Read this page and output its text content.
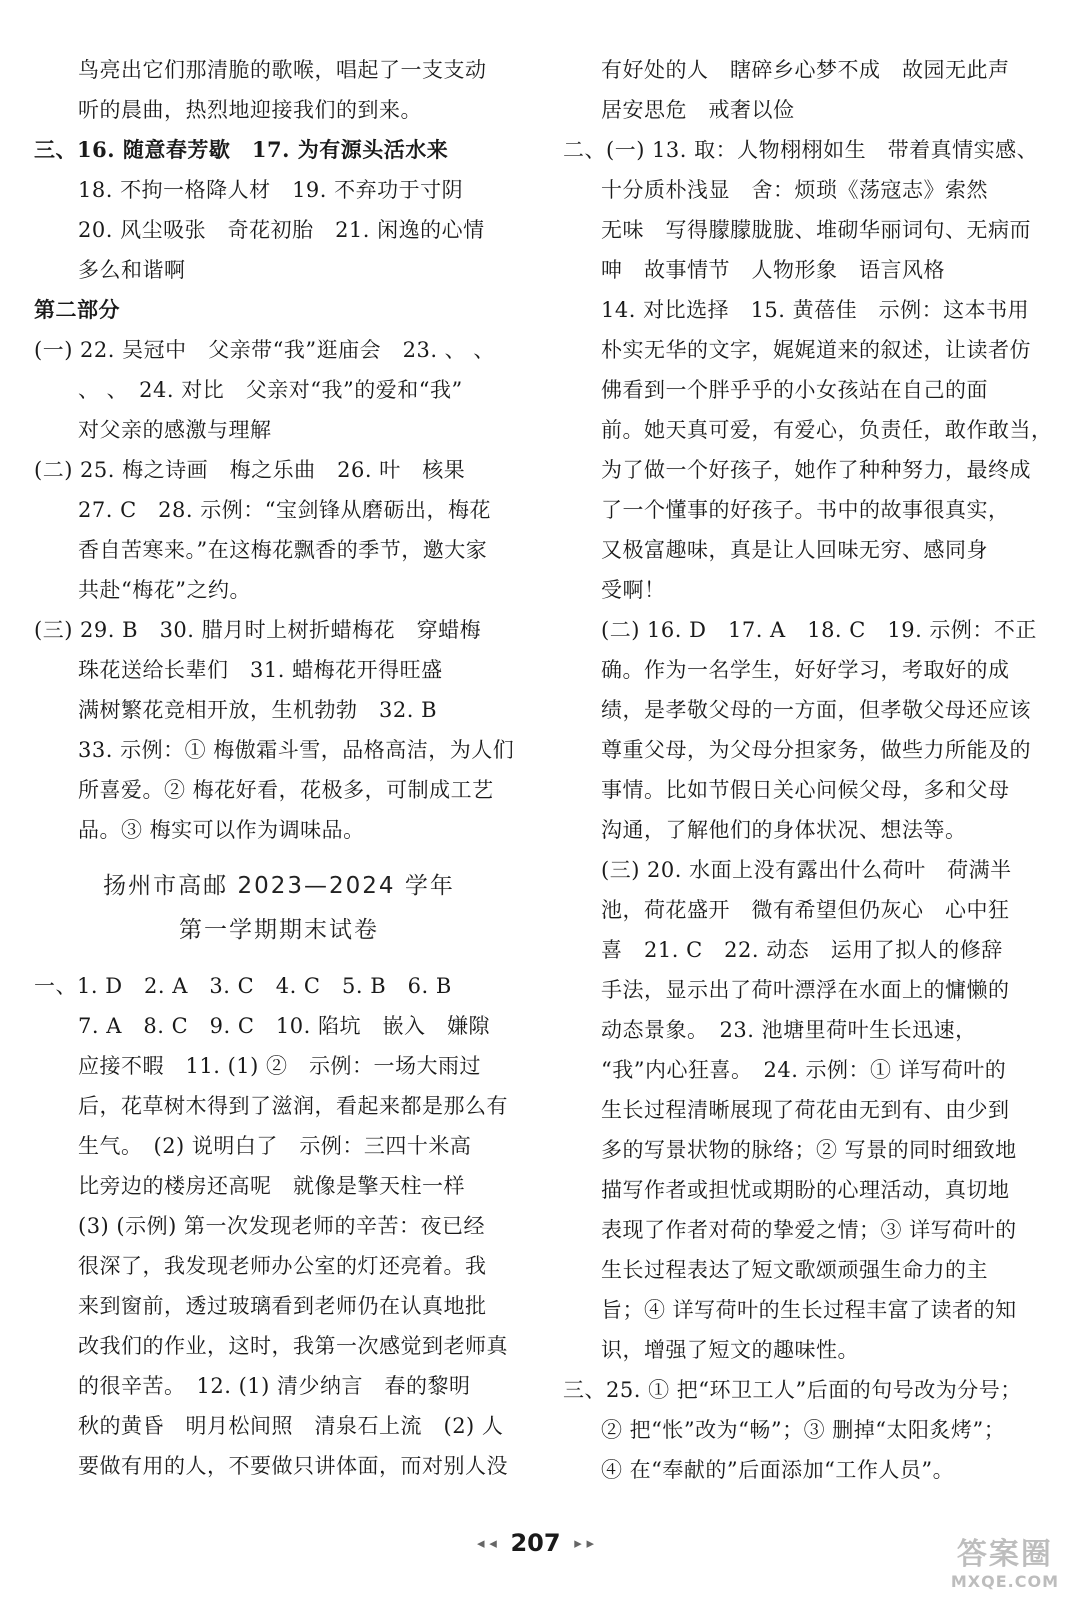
鸟亮出它们那清脆的歌喉，唱起了一支支动
听的晨曲，热烈地迎接我们的到来。
三、16. 随意春芳歇　17. 为有源头活水来
18. 不拘一格降人材　19. 不弃功于寸阴
20. 风尘吸张　奇花初胎　21. 闲逸的心情
多么和谐啊
第二部分
(一) 22. 吴冠中　父亲带“我”逛庙会　23. 、 、
、 、　24. 对比　父亲对“我”的爱和“我”
对父亲的感激与理解
(二) 25. 梅之诗画　梅之乐曲　26. 叶　核果
27. C　28. 示例：“宝剑锋从磨砺出，梅花
香自苦寒来。”在这梅花飘香的季节，邀大家
共赴“梅花”之约。
(三) 29. B　30. 腊月时上树折蜡梅花　穿蜡梅
珠花送给长辈们　31. 蜡梅花开得旺盛
满树繁花竞相开放，生机勃勃　32. B
33. 示例：① 梅傲霜斗雪，品格高洁，为人们
所喜爱。② 梅花好看，花极多，可制成工艺
品。③ 梅实可以作为调味品。
扬州市高邮 2023—2024 学年
第一学期期末试卷
一、1. D　2. A　3. C　4. C　5. B　6. B
7. A　8. C　9. C　10. 陷坑　嵌入　嫌隙
应接不暇　11. (1) ②　示例：一场大雨过
后，花草树木得到了滋润，看起来都是那么有
生气。　(2) 说明白了　示例：三四十米高
比旁边的楼房还高呢　就像是擎天柱一样
(3) (示例) 第一次发现老师的辛苦：夜已经
很深了，我发现老师办公室的灯还亮着。我
来到窗前，透过玻璃看到老师仍在认真地批
改我们的作业，这时，我第一次感觉到老师真
的很辛苦。　12. (1) 清少纳言　春的黎明
秋的黄昏　明月松间照　清泉石上流　(2) 人
要做有用的人，不要做只讲体面，而对别人没
有好处的人　瞎碎乡心梦不成　故园无此声
居安思危　戒奢以俭
二、(一) 13. 取：人物栩栩如生　带着真情实感、
十分质朴浅显　舍：烦琐《荡寇志》索然
无味　写得朦朦胧胧、堆砌华丽词句、无病而
呻　故事情节　人物形象　语言风格
14. 对比选择　15. 黄蓓佳　示例：这本书用
朴实无华的文字，娓娓道来的叙述，让读者仿
佛看到一个胖乎乎的小女孩站在自己的面
前。她天真可爱，有爱心，负责任，敢作敢当，
为了做一个好孩子，她作了种种努力，最终成
了一个懂事的好孩子。书中的故事很真实，
又极富趣味，真是让人回味无穷、感同身
受啊！
(二) 16. D　17. A　18. C　19. 示例：不正
确。作为一名学生，好好学习，考取好的成
绩，是孝敬父母的一方面，但孝敬父母还应该
尊重父母，为父母分担家务，做些力所能及的
事情。比如节假日关心问候父母，多和父母
沟通，了解他们的身体状况、想法等。
(三) 20. 水面上没有露出什么荷叶　荷满半
池，荷花盛开　微有希望但仍灰心　心中狂
喜　21. C　22. 动态　运用了拟人的修辞
手法，显示出了荷叶漂浮在水面上的慵懒的
动态景象。　23. 池塘里荷叶生长迅速，
“我”内心狂喜。　24. 示例：① 详写荷叶的
生长过程清晰展现了荷花由无到有、由少到
多的写景状物的脉络；② 写景的同时细致地
描写作者或担忧或期盼的心理活动，真切地
表现了作者对荷的挚爱之情；③ 详写荷叶的
生长过程表达了短文歌颂顽强生命力的主
旨；④ 详写荷叶的生长过程丰富了读者的知
识，增强了短文的趣味性。
三、25. ① 把“环卫工人”后面的句号改为分号；
② 把“怅”改为“畅”；③ 删掉“太阳炙烤”；
④ 在“奉献的”后面添加“工作人员”。
◂ ◂ 207 ▸ ▸	答案圈
MXQE.COM
